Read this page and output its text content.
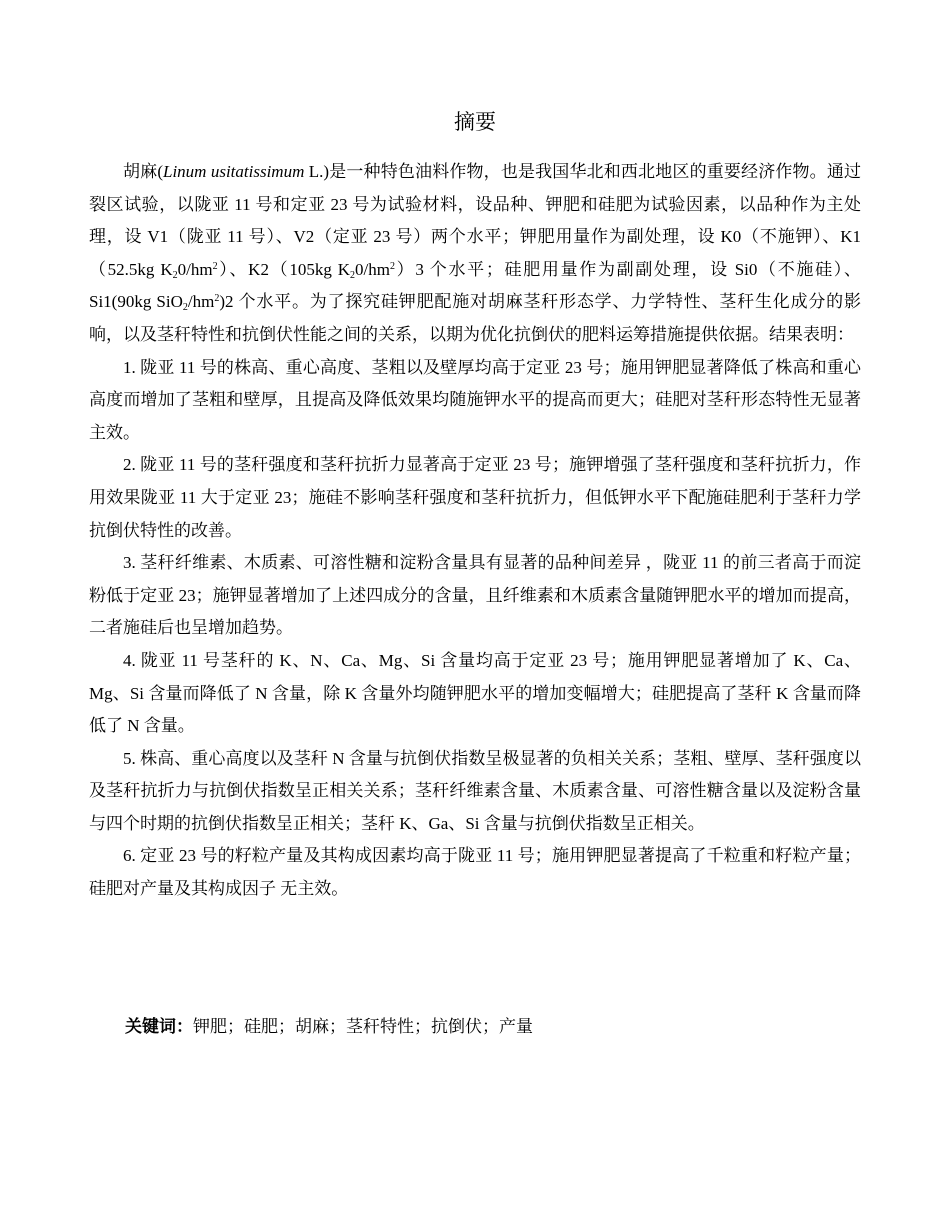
摘要

胡麻(Linum usitatissimum L.)是一种特色油料作物，也是我国华北和西北地区的重要经济作物。通过裂区试验，以陇亚 11 号和定亚 23 号为试验材料，设品种、钾肥和硅肥为试验因素，以品种作为主处理，设 V1（陇亚 11 号）、V2（定亚 23 号）两个水平；钾肥用量作为副处理，设 K0（不施钾）、K1（52.5kg $K_20/hm^2$）、K2（105kg $K_20/hm^2)3$ 个水平；硅肥用量作为副副处理，设 Si0（不施硅）、Si1(90kg $SiO_2/hm^2)2$ 个水平。为了探究硅钾肥配施对胡麻茎秆形态学、力学特性、茎秆生化成分的影响，以及茎秆特性和抗倒伏性能之间的关系，以期为优化抗倒伏的肥料运筹措施提供依据。结果表明：

1. 陇亚 11 号的株高、重心高度、茎粗以及壁厚均高于定亚 23 号；施用钾肥显著降低了株高和重心高度而增加了茎粗和壁厚，且提高及降低效果均随施钾水平的提高而更大；硅肥对茎秆形态特性无显著主效。

2. 陇亚 11 号的茎秆强度和茎秆抗折力显著高于定亚 23 号；施钾增强了茎秆强度和茎秆抗折力，作用效果陇亚 11 大于定亚 23；施硅不影响茎秆强度和茎秆抗折力，但低钾水平下配施硅肥利于茎秆力学抗倒伏特性的改善。

3. 茎秆纤维素、木质素、可溶性糖和淀粉含量具有显著的品种间差异 ，陇亚 11 的前三者高于而淀粉低于定亚 23；施钾显著增加了上述四成分的含量，且纤维素和木质素含量随钾肥水平的增加而提高，二者施硅后也呈增加趋势。

4. 陇亚 11 号茎秆的 K、N、Ca、Mg、Si 含量均高于定亚 23 号；施用钾肥显著增加了 K、Ca、Mg、Si 含量而降低了 N 含量，除 K 含量外均随钾肥水平的增加变幅增大；硅肥提高了茎秆 K 含量而降低了 N 含量。

5. 株高、重心高度以及茎秆 N 含量与抗倒伏指数呈极显著的负相关关系；茎粗、壁厚、茎秆强度以及茎秆抗折力与抗倒伏指数呈正相关关系；茎秆纤维素含量、木质素含量、可溶性糖含量以及淀粉含量与四个时期的抗倒伏指数呈正相关；茎秆 K、Ga、Si 含量与抗倒伏指数呈正相关。

6. 定亚 23 号的籽粒产量及其构成因素均高于陇亚 11 号；施用钾肥显著提高了千粒重和籽粒产量；硅肥对产量及其构成因子 无主效。

关键词：钾肥；硅肥；胡麻；茎秆特性；抗倒伏；产量
